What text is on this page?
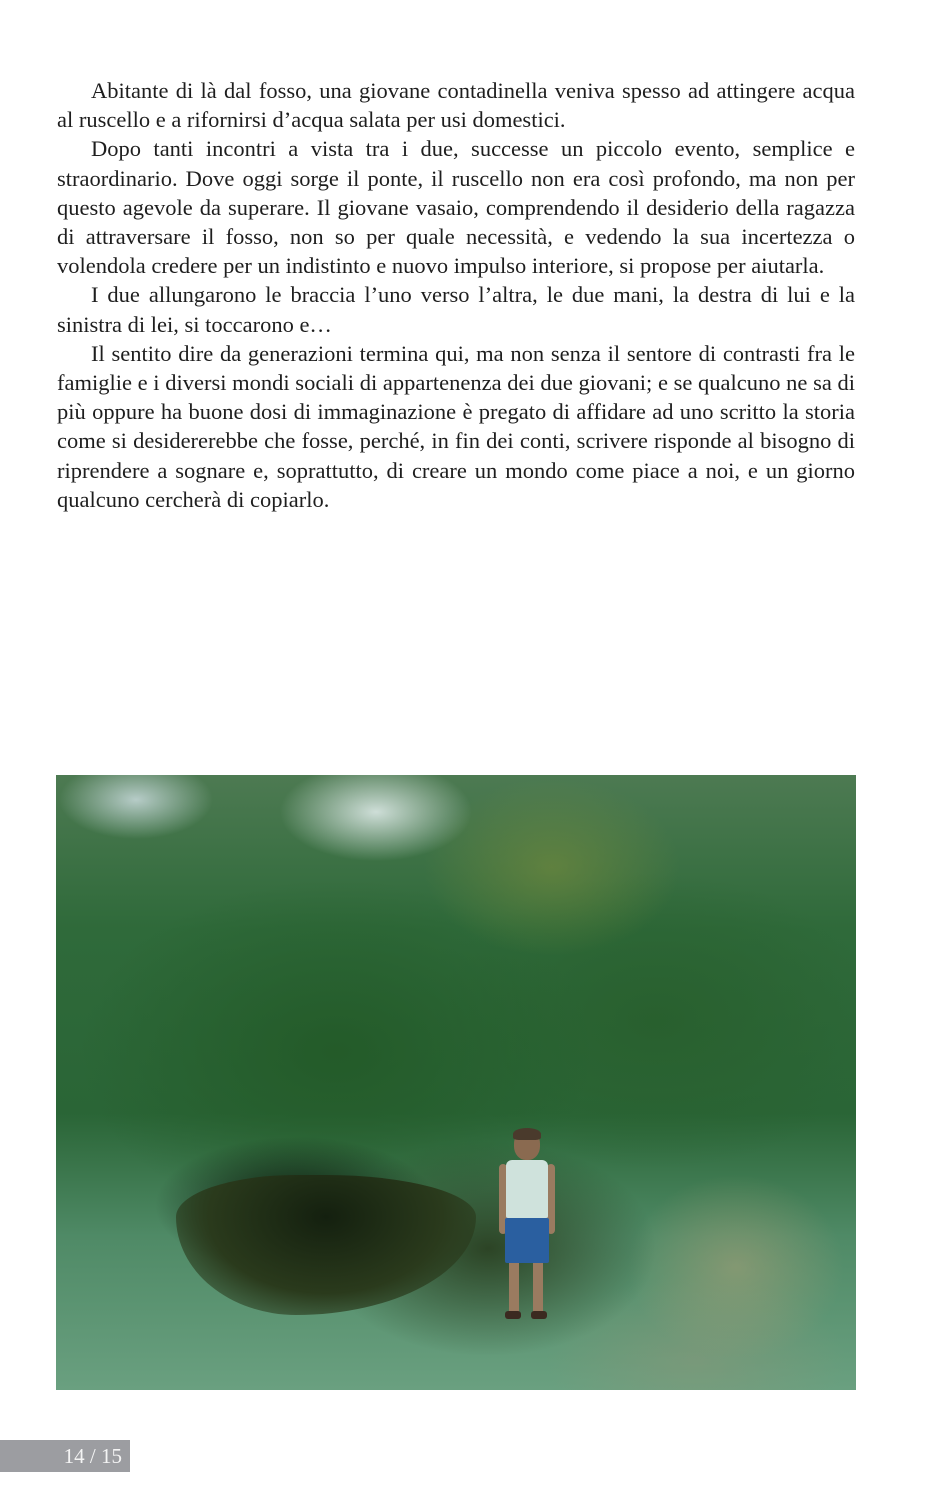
Abitante di là dal fosso, una giovane contadinella veniva spesso ad attingere acqua al ruscello e a rifornirsi d’acqua salata per usi domestici.

Dopo tanti incontri a vista tra i due, successe un piccolo evento, semplice e straordinario. Dove oggi sorge il ponte, il ruscello non era così profondo, ma non per questo agevole da superare. Il giovane vasaio, comprendendo il desiderio della ragazza di attraversare il fosso, non so per quale necessità, e vedendo la sua incertezza o volendola credere per un indistinto e nuovo impulso interiore, si propose per aiutarla.

I due allungarono le braccia l’uno verso l’altra, le due mani, la destra di lui e la sinistra di lei, si toccarono e…

Il sentito dire da generazioni termina qui, ma non senza il sentore di contrasti fra le famiglie e i diversi mondi sociali di appartenenza dei due giovani; e se qualcuno ne sa di più oppure ha buone dosi di immaginazione è pregato di affidare ad uno scritto la storia come si desidererebbe che fosse, perché, in fin dei conti, scrivere risponde al bisogno di riprendere a sognare e, soprattutto, di creare un mondo come piace a noi, e un giorno qualcuno cercherà di copiarlo.

14 / 15
